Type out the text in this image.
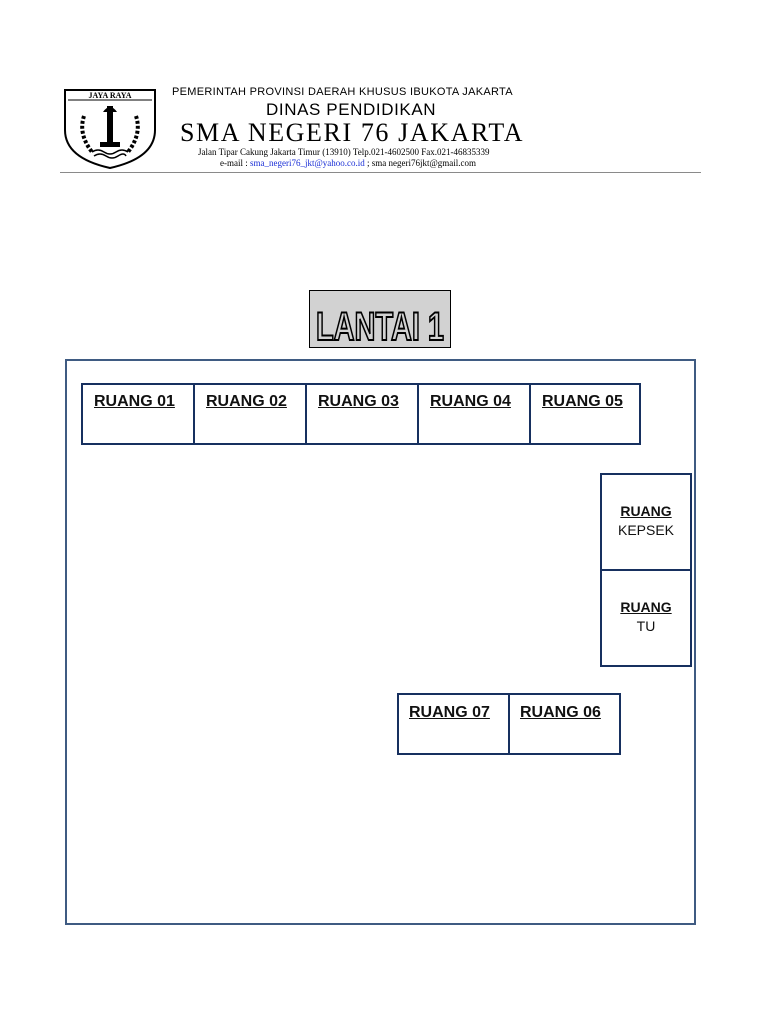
JAYA RAYA	PEMERINTAH PROVINSI DAERAH KHUSUS IBUKOTA JAKARTA
DINAS PENDIDIKAN
SMA NEGERI 76 JAKARTA
Jalan Tipar Cakung Jakarta Timur (13910) Telp.021-4602500 Fax.021-46835339
e-mail : sma_negeri76_jkt@yahoo.co.id ; sma negeri76jkt@gmail.com
LANTAI 1
RUANG 01 RUANG 02 RUANG 03 RUANG 04 RUANG 05
RUANG
KEPSEK
RUANG
TU
RUANG 07 RUANG 06
